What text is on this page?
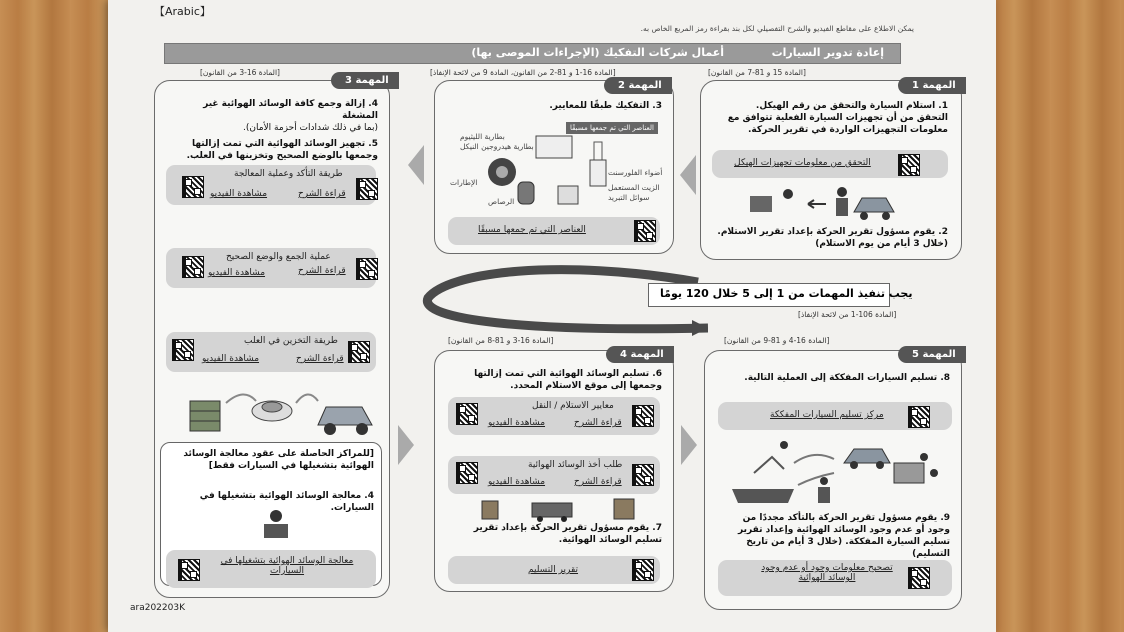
【Arabic】
يمكن الاطلاع على مقاطع الفيديو والشرح التفصيلي لكل بند بقراءة رمز المربع الخاص به.
أعمال شركات التفكيك (الإجراءات الموصى بها)	إعادة تدوير السيارات
[المادة 16-3 من القانون]
المهمة 3
4. إزالة وجمع كافة الوسائد الهوائية غير المشغلة
(بما في ذلك شدادات أحزمة الأمان).
5. تجهيز الوسائد الهوائية التي تمت إزالتها وجمعها بالوضع الصحيح وتخزينها في العلب.
طريقة التأكد وعملية المعالجة
قراءة الشرح
مشاهدة الفيديو
عملية الجمع والوضع الصحيح
قراءة الشرح
مشاهدة الفيديو
طريقة التخزين في العلب
قراءة الشرح
مشاهدة الفيديو
[للمراكز الحاصلة على عقود معالجة الوسائد الهوائية بتشغيلها في السيارات فقط]
4. معالجة الوسائد الهوائية بتشغيلها في السيارات.
معالجة الوسائد الهوائية بتشغيلها في السيارات
[المادة 16-1 و 81-2 من القانون، المادة 9 من لائحة الإنفاذ]
المهمة 2
3. التفكيك طبقًا للمعايير.
العناصر التي تم جمعها مسبقًا
بطارية الليثيوم
بطارية هيدروجين النيكل
الإطارات
الرصاص
أضواء الفلورسنت
الزيت المستعمل
سوائل التبريد
العناصر التي تم جمعها مسبقًا
[المادة 15 و 81-7 من القانون]
المهمة 1
1. استلام السيارة والتحقق من رقم الهيكل.
التحقق من أن تجهيزات السيارة الفعلية تتوافق مع معلومات التجهيزات الواردة في تقرير الحركة.
التحقق من معلومات تجهيزات الهيكل
2. يقوم مسؤول تقرير الحركة بإعداد تقرير الاستلام.
(خلال 3 أيام من يوم الاستلام)
يجب تنفيذ المهمات من 1 إلى 5 خلال 120 يومًا
[المادة 106-1 من لائحة الإنفاذ]
[المادة 16-3 و 81-8 من القانون]
المهمة 4
6. تسليم الوسائد الهوائية التي تمت إزالتها وجمعها إلى موقع الاستلام المحدد.
معايير الاستلام / النقل
قراءة الشرح
مشاهدة الفيديو
طلب أخذ الوسائد الهوائية
قراءة الشرح
مشاهدة الفيديو
7. يقوم مسؤول تقرير الحركة بإعداد تقرير تسليم الوسائد الهوائية.
تقرير التسليم
[المادة 16-4 و 81-9 من القانون]
المهمة 5
8. تسليم السيارات المفككة إلى العملية التالية.
مركز تسليم السيارات المفككة
9. يقوم مسؤول تقرير الحركة بالتأكد مجددًا من وجود أو عدم وجود الوسائد الهوائية وإعداد تقرير تسليم السيارة المفككة. (خلال 3 أيام من تاريخ التسليم)
تصحيح معلومات وجود أو عدم وجود الوسائد الهوائية
ara202203K
